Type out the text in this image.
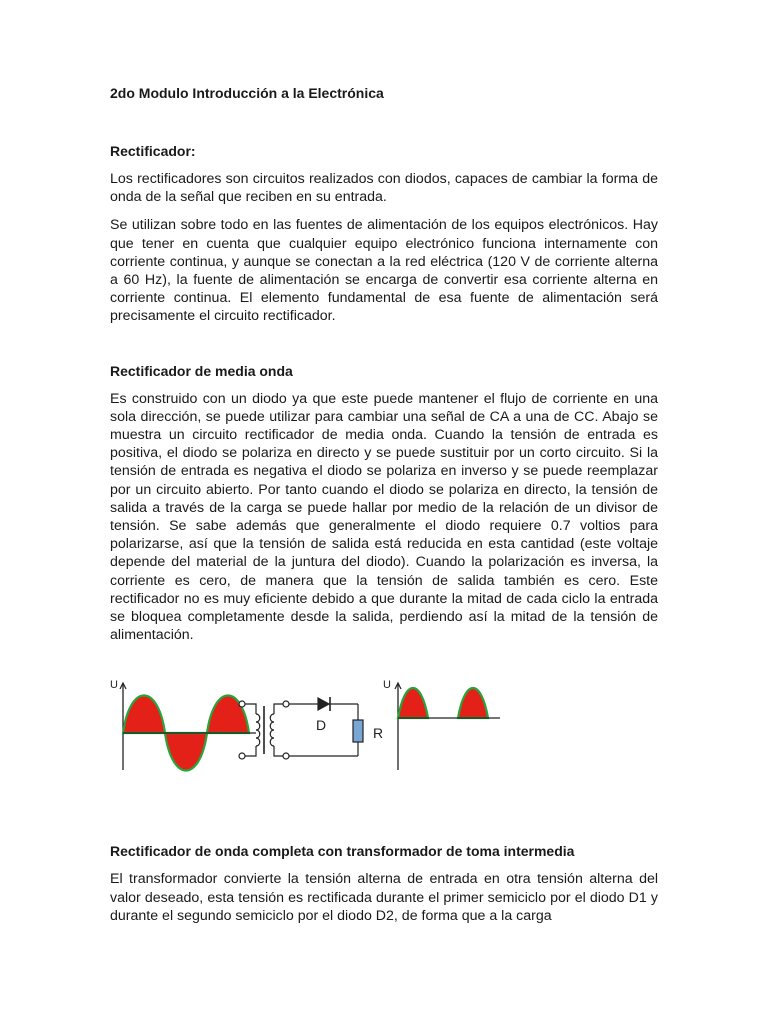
2do Modulo Introducción a la Electrónica

Rectificador:

Los rectificadores son circuitos realizados con diodos, capaces de cambiar la forma de onda de la señal que reciben en su entrada.

Se utilizan sobre todo en las fuentes de alimentación de los equipos electrónicos. Hay que tener en cuenta que cualquier equipo electrónico funciona internamente con corriente continua, y aunque se conectan a la red eléctrica (120 V de corriente alterna a 60 Hz), la fuente de alimentación se encarga de convertir esa corriente alterna en corriente continua. El elemento fundamental de esa fuente de alimentación será precisamente el circuito rectificador.

Rectificador de media onda

Es construido con un diodo ya que este puede mantener el flujo de corriente en una sola dirección, se puede utilizar para cambiar una señal de CA a una de CC. Abajo se muestra un circuito rectificador de media onda. Cuando la tensión de entrada es positiva, el diodo se polariza en directo y se puede sustituir por un corto circuito. Si la tensión de entrada es negativa el diodo se polariza en inverso y se puede reemplazar por un circuito abierto. Por tanto cuando el diodo se polariza en directo, la tensión de salida a través de la carga se puede hallar por medio de la relación de un divisor de tensión. Se sabe además que generalmente el diodo requiere 0.7 voltios para polarizarse, así que la tensión de salida está reducida en esta cantidad (este voltaje depende del material de la juntura del diodo). Cuando la polarización es inversa, la corriente es cero, de manera que la tensión de salida también es cero. Este rectificador no es muy eficiente debido a que durante la mitad de cada ciclo la entrada se bloquea completamente desde la salida, perdiendo así la mitad de la tensión de alimentación.

U
D	R
U

Rectificador de onda completa con transformador de toma intermedia

El transformador convierte la tensión alterna de entrada en otra tensión alterna del valor deseado, esta tensión es rectificada durante el primer semiciclo por el diodo D1 y durante el segundo semiciclo por el diodo D2, de forma que a la carga
